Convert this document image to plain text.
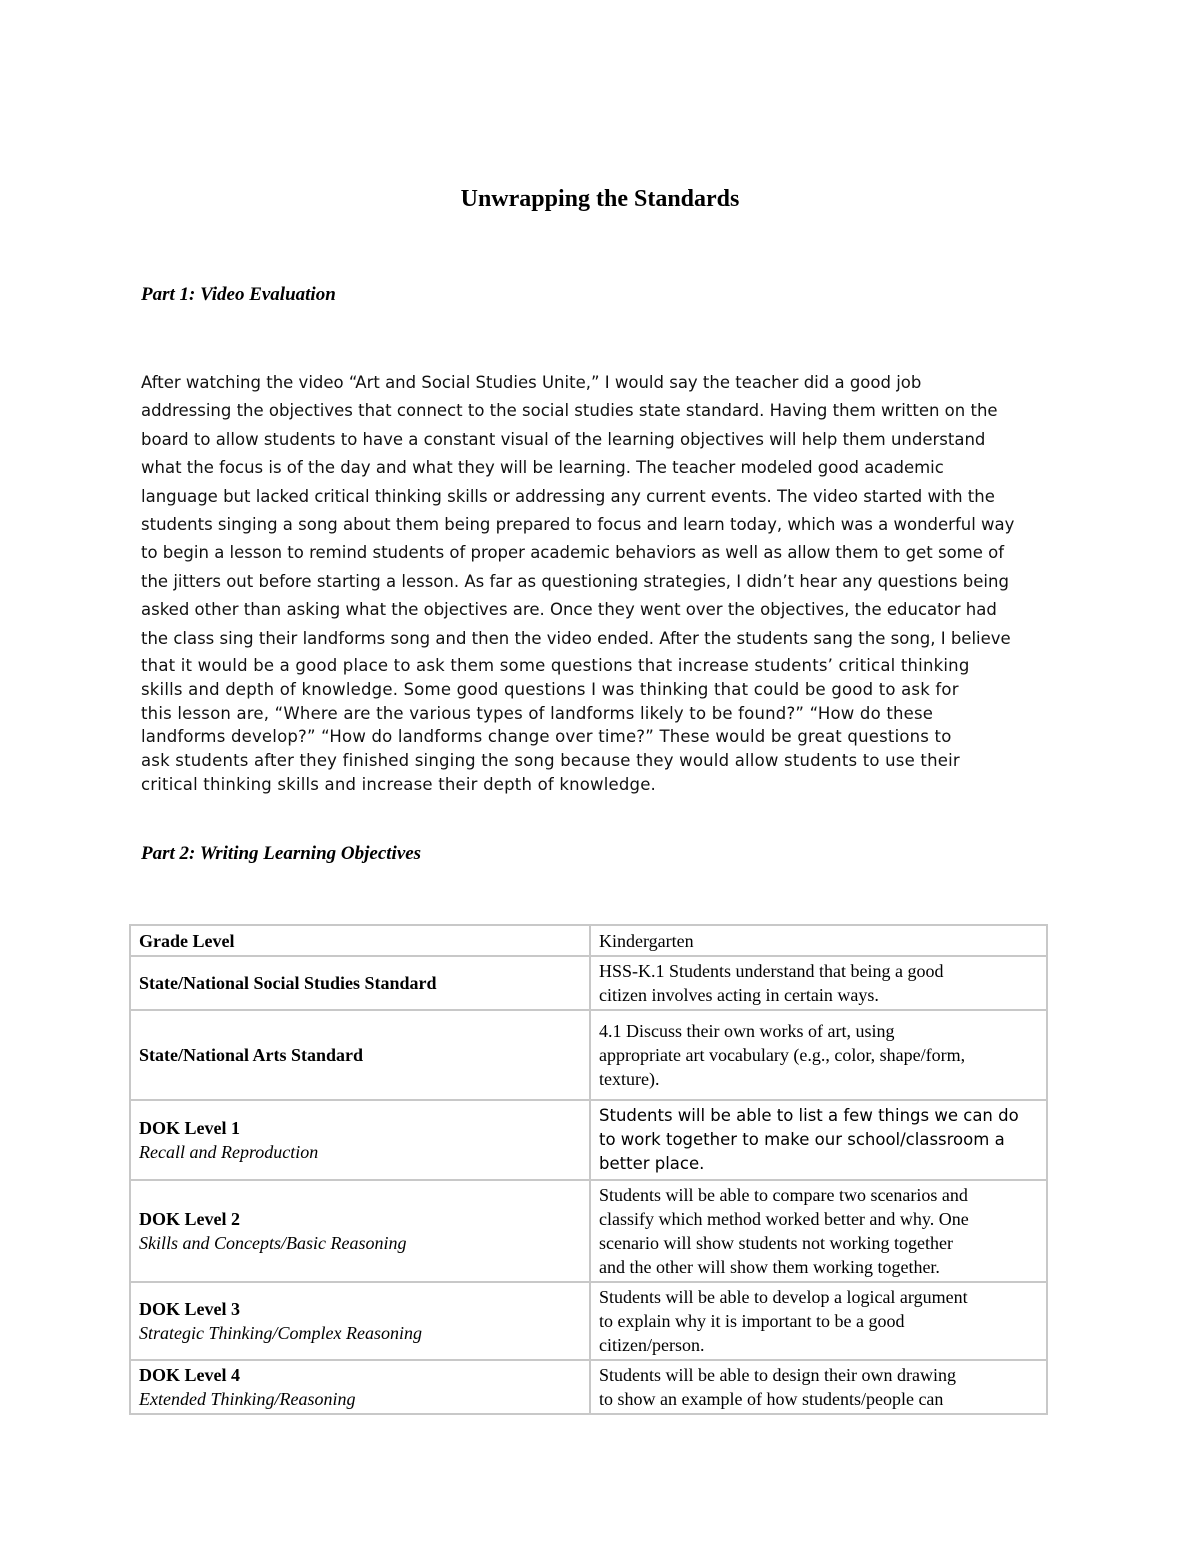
Unwrapping the Standards
Part 1: Video Evaluation

After watching the video “Art and Social Studies Unite,” I would say the teacher did a good job
addressing the objectives that connect to the social studies state standard. Having them written on the
board to allow students to have a constant visual of the learning objectives will help them understand
what the focus is of the day and what they will be learning. The teacher modeled good academic
language but lacked critical thinking skills or addressing any current events. The video started with the
students singing a song about them being prepared to focus and learn today, which was a wonderful way
to begin a lesson to remind students of proper academic behaviors as well as allow them to get some of
the jitters out before starting a lesson. As far as questioning strategies, I didn’t hear any questions being
asked other than asking what the objectives are. Once they went over the objectives, the educator had
the class sing their landforms song and then the video ended. After the students sang the song, I believe

that it would be a good place to ask them some questions that increase students’ critical thinking
skills and depth of knowledge. Some good questions I was thinking that could be good to ask for
this lesson are, “Where are the various types of landforms likely to be found?” “How do these
landforms develop?” “How do landforms change over time?” These would be great questions to
ask students after they finished singing the song because they would allow students to use their
critical thinking skills and increase their depth of knowledge.

Part 2: Writing Learning Objectives
Grade Level	Kindergarten
State/National Social Studies Standard	HSS-K.1 Students understand that being a good
citizen involves acting in certain ways.
State/National Arts Standard	4.1 Discuss their own works of art, using
appropriate art vocabulary (e.g., color, shape/form,
texture).
DOK Level 1
Recall and Reproduction	Students will be able to list a few things we can do
to work together to make our school/classroom a
better place.
DOK Level 2
Skills and Concepts/Basic Reasoning	Students will be able to compare two scenarios and
classify which method worked better and why. One
scenario will show students not working together
and the other will show them working together.
DOK Level 3
Strategic Thinking/Complex Reasoning	Students will be able to develop a logical argument
to explain why it is important to be a good
citizen/person.
DOK Level 4
Extended Thinking/Reasoning	Students will be able to design their own drawing
to show an example of how students/people can
